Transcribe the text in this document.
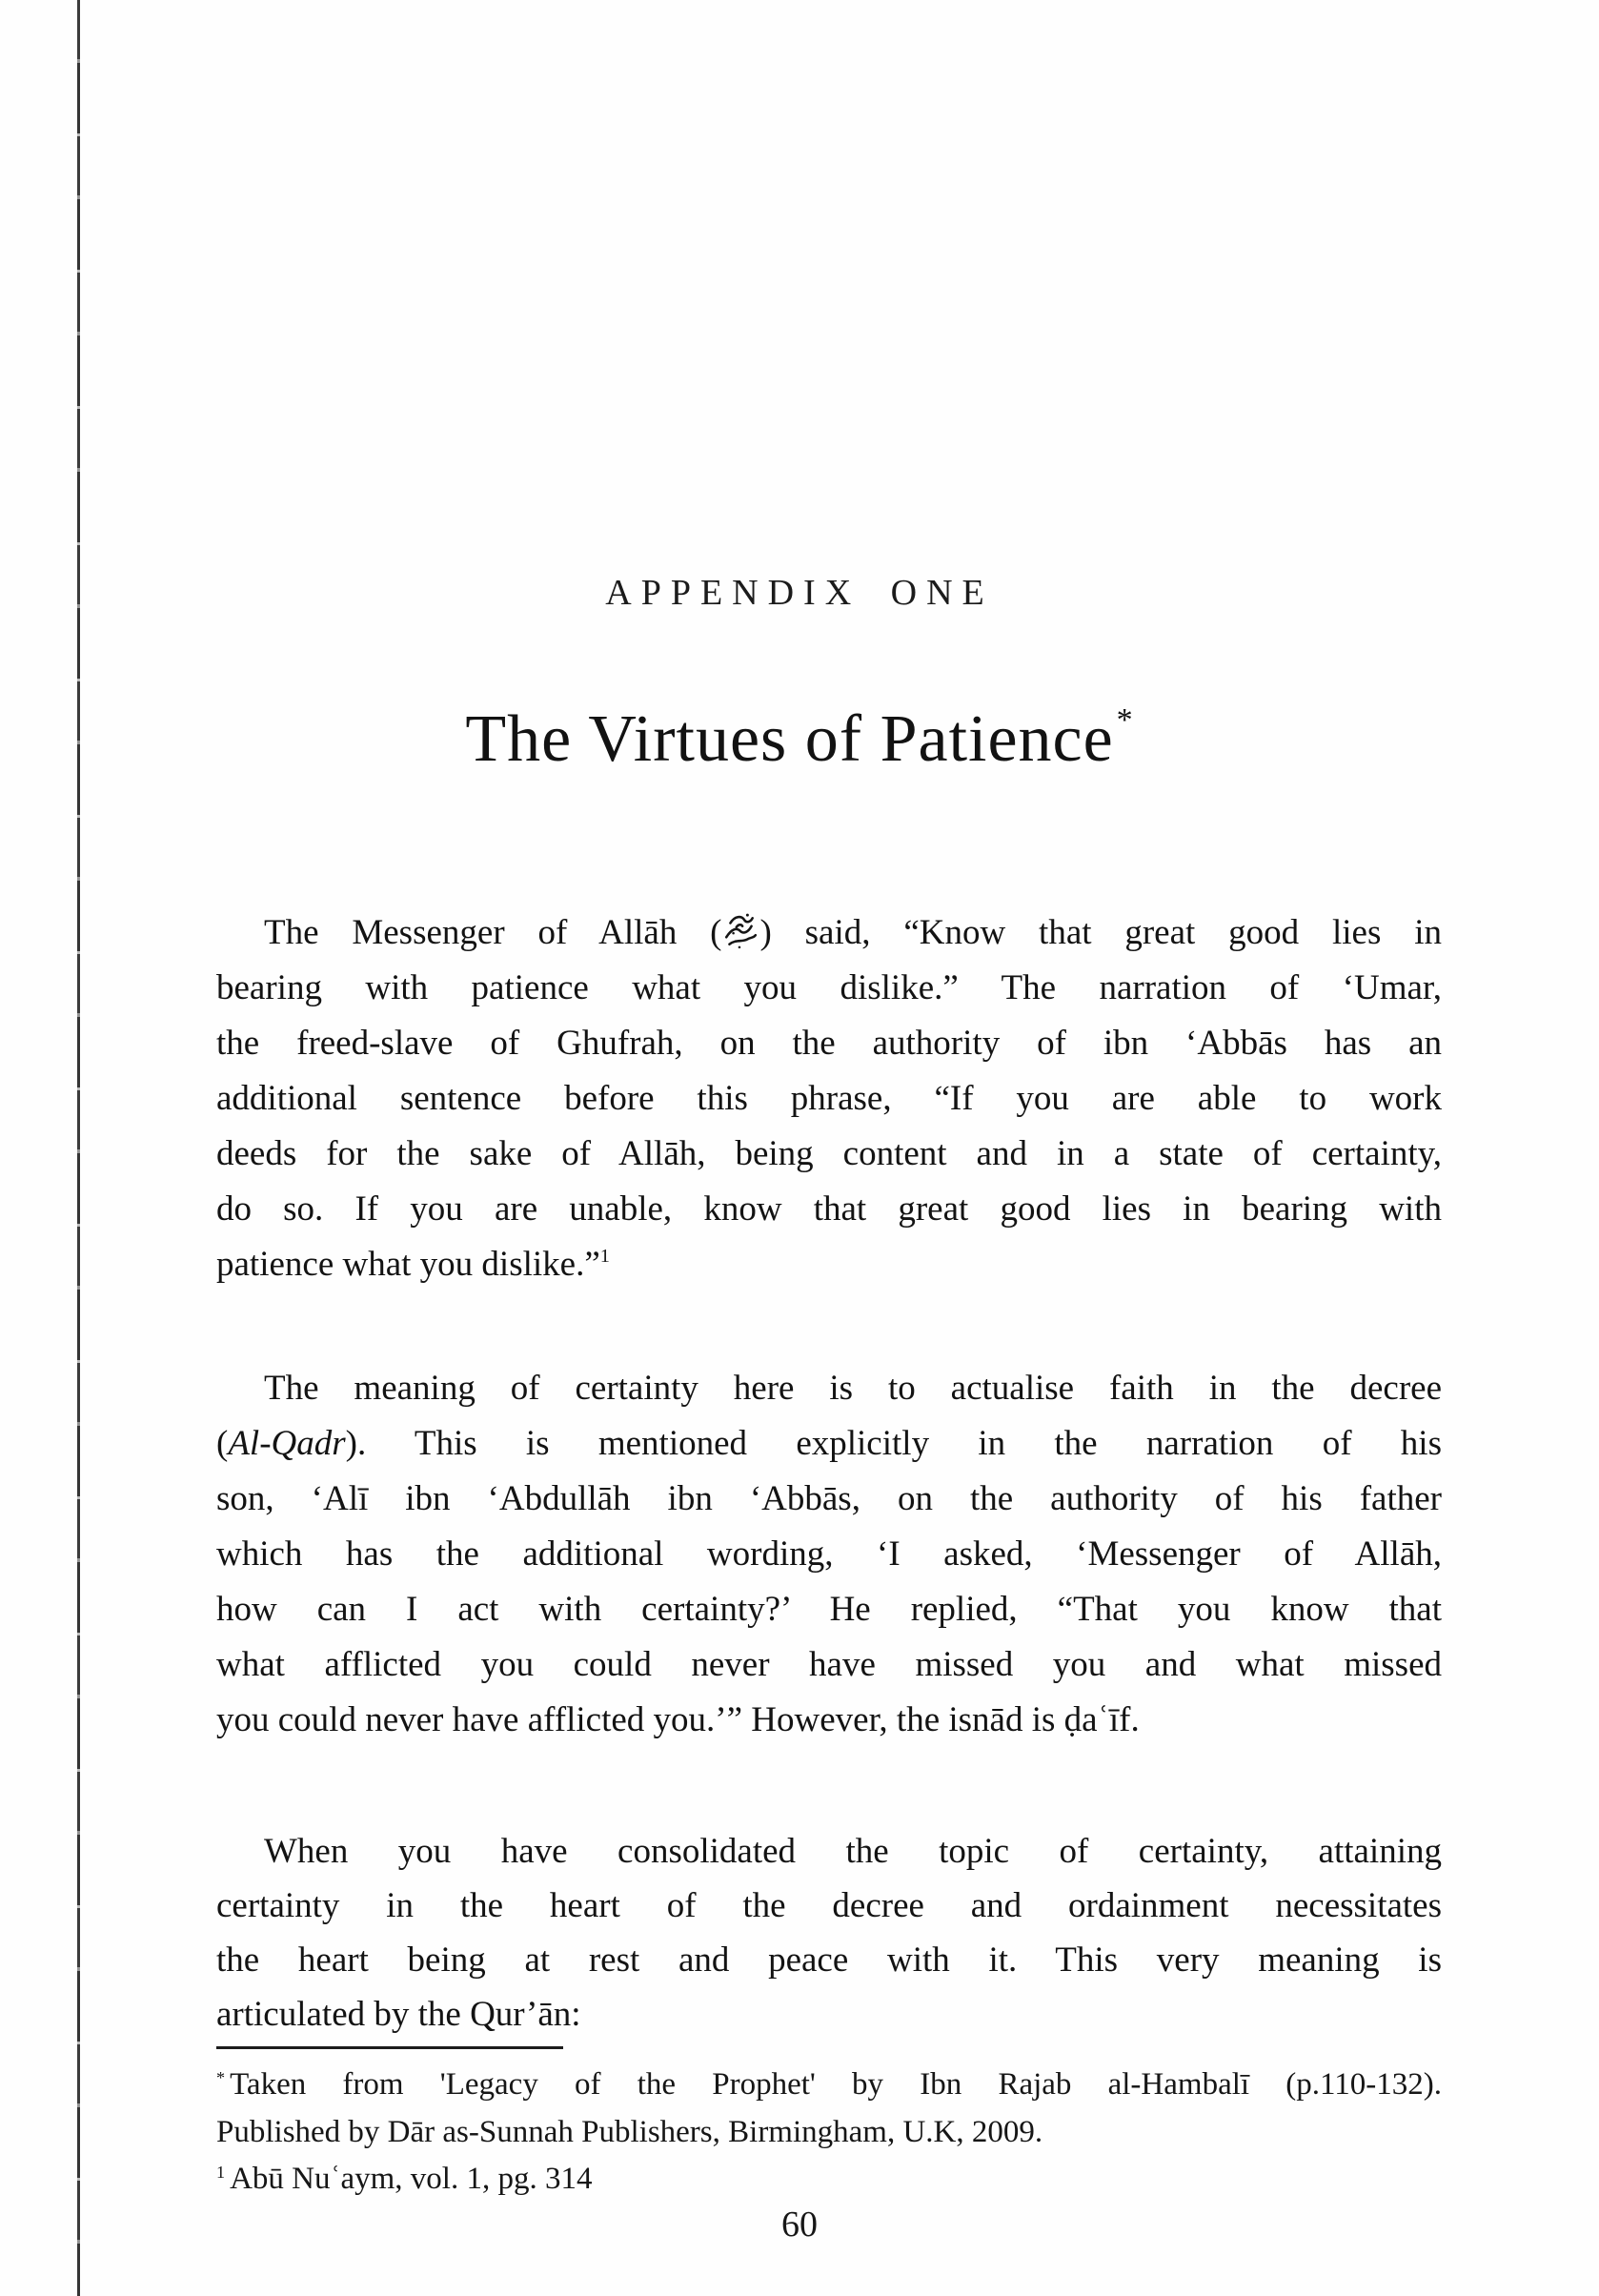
APPENDIX ONE
The Virtues of Patience*
The Messenger of Allāh ( ) said, “Know that great good lies in
bearing with patience what you dislike.” The narration of ‘Umar,
the freed-slave of Ghufrah, on the authority of ibn ‘Abbās has an
additional sentence before this phrase, “If you are able to work
deeds for the sake of Allāh, being content and in a state of certainty,
do so. If you are unable, know that great good lies in bearing with
patience what you dislike.”$^1$
The meaning of certainty here is to actualise faith in the decree
(Al-Qadr). This is mentioned explicitly in the narration of his
son, ‘Alī ibn ‘Abdullāh ibn ‘Abbās, on the authority of his father
which has the additional wording, ‘I asked, ‘Messenger of Allāh,
how can I act with certainty?’ He replied, “That you know that
what afflicted you could never have missed you and what missed
you could never have afflicted you.’” However, the isnād is ḍaʿīf.
When you have consolidated the topic of certainty, attaining
certainty in the heart of the decree and ordainment necessitates
the heart being at rest and peace with it. This very meaning is
articulated by the Qur’ān:
* Taken from 'Legacy of the Prophet' by Ibn Rajab al-Hambalī (p.110-132).
Published by Dār as-Sunnah Publishers, Birmingham, U.K, 2009.
$^1$ Abū Nuʿaym, vol. 1, pg. 314
60
